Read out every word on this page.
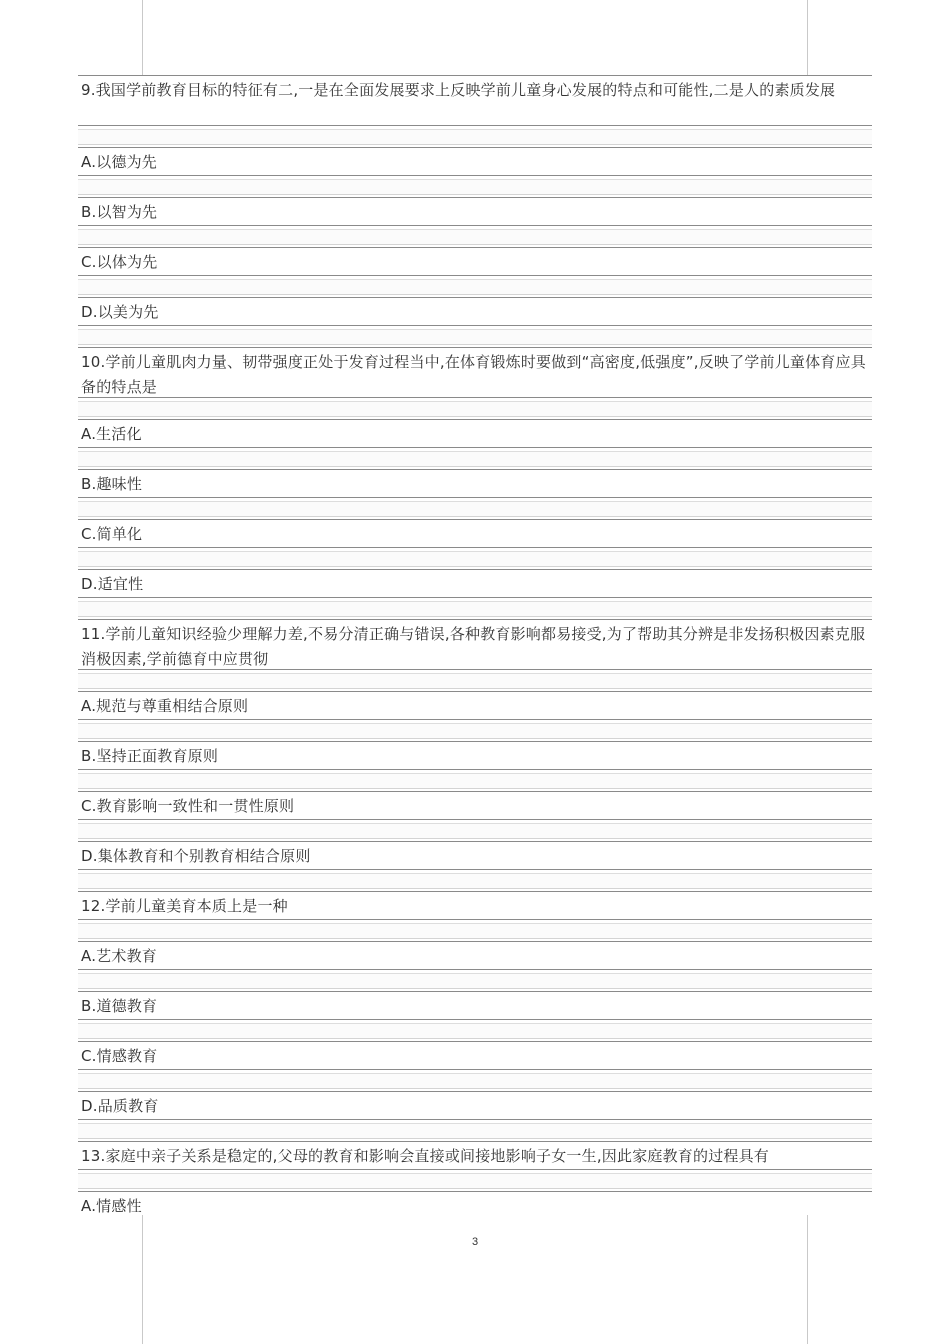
9.我国学前教育目标的特征有二,一是在全面发展要求上反映学前儿童身心发展的特点和可能性,二是人的素质发展
A.以德为先
B.以智为先
C.以体为先
D.以美为先
10.学前儿童肌肉力量、韧带强度正处于发育过程当中,在体育锻炼时要做到“高密度,低强度”,反映了学前儿童体育应具备的特点是
A.生活化
B.趣味性
C.简单化
D.适宜性
11.学前儿童知识经验少理解力差,不易分清正确与错误,各种教育影响都易接受,为了帮助其分辨是非发扬积极因素克服消极因素,学前德育中应贯彻
A.规范与尊重相结合原则
B.坚持正面教育原则
C.教育影响一致性和一贯性原则
D.集体教育和个别教育相结合原则
12.学前儿童美育本质上是一种
A.艺术教育
B.道德教育
C.情感教育
D.品质教育
13.家庭中亲子关系是稳定的,父母的教育和影响会直接或间接地影响子女一生,因此家庭教育的过程具有
A.情感性
3
